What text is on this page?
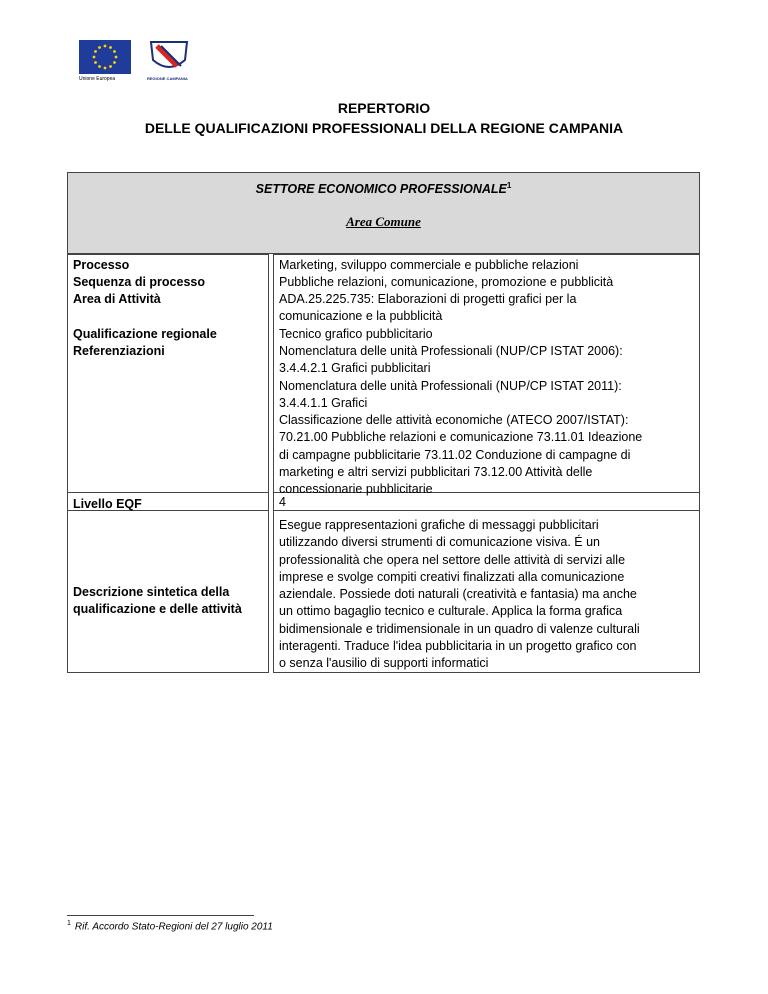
Unione Europea	REGIONE CAMPANIA
REPERTORIO
DELLE QUALIFICAZIONI PROFESSIONALI DELLA REGIONE CAMPANIA
SETTORE ECONOMICO PROFESSIONALE$^1$
Area Comune
Processo
Sequenza di processo
Area di Attività
Qualificazione regionale
Referenziazioni
Livello EQF
Descrizione sintetica della
qualificazione e delle attività
Marketing, sviluppo commerciale e pubbliche relazioni
Pubbliche relazioni, comunicazione, promozione e pubblicità
ADA.25.225.735: Elaborazioni di progetti grafici per la
comunicazione e la pubblicità
Tecnico grafico pubblicitario
Nomenclatura delle unità Professionali (NUP/CP ISTAT 2006):
3.4.4.2.1 Grafici pubblicitari
Nomenclatura delle unità Professionali (NUP/CP ISTAT 2011):
3.4.4.1.1 Grafici
Classificazione delle attività economiche (ATECO 2007/ISTAT):
70.21.00 Pubbliche relazioni e comunicazione 73.11.01 Ideazione
di campagne pubblicitarie 73.11.02 Conduzione di campagne di
marketing e altri servizi pubblicitari 73.12.00 Attività delle
concessionarie pubblicitarie
4
Esegue rappresentazioni grafiche di messaggi pubblicitari
utilizzando diversi strumenti di comunicazione visiva. É un
professionalità che opera nel settore delle attività di servizi alle
imprese e svolge compiti creativi finalizzati alla comunicazione
aziendale. Possiede doti naturali (creatività e fantasia) ma anche
un ottimo bagaglio tecnico e culturale. Applica la forma grafica
bidimensionale e tridimensionale in un quadro di valenze culturali
interagenti. Traduce l'idea pubblicitaria in un progetto grafico con
o senza l'ausilio di supporti informatici
$^1$ Rif. Accordo Stato-Regioni del 27 luglio 2011
